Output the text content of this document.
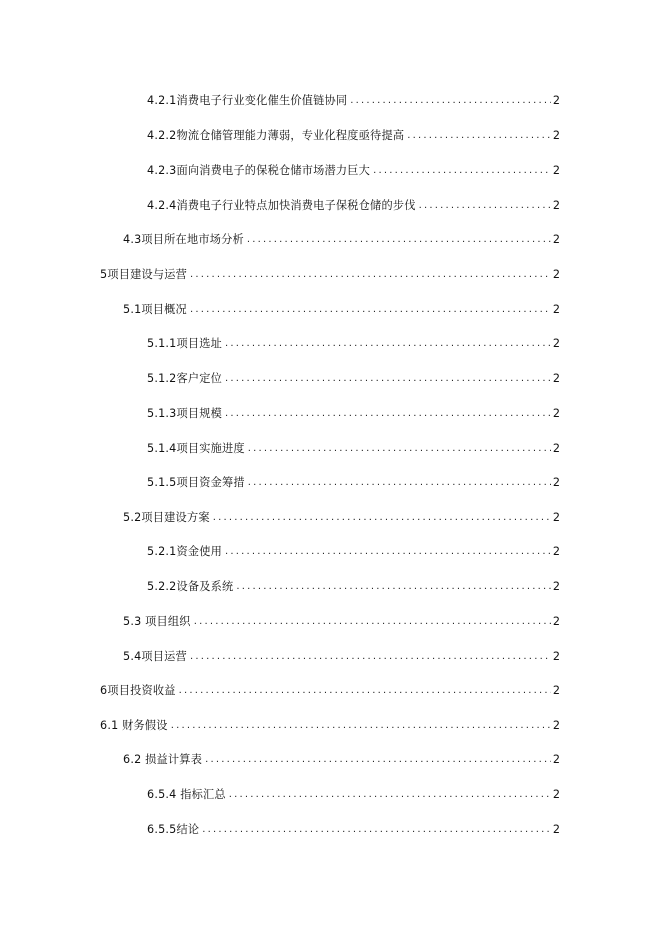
4.2.1消费电子行业变化催生价值链协同 .....	2
4.2.2物流仓储管理能力薄弱，专业化程度亟待提高 .....	2
4.2.3面向消费电子的保税仓储市场潜力巨大 .....	2
4.2.4消费电子行业特点加快消费电子保税仓储的步伐 .....	2
4.3项目所在地市场分析 .....	2
5项目建设与运营 .....	2
5.1项目概况 .....	2
5.1.1项目选址 .....	2
5.1.2客户定位 .....	2
5.1.3项目规模 .....	2
5.1.4项目实施进度 .....	2
5.1.5项目资金筹措 .....	2
5.2项目建设方案 .....	2
5.2.1资金使用 .....	2
5.2.2设备及系统 .....	2
5.3 项目组织 .....	2
5.4项目运营 .....	2
6项目投资收益 .....	2
6.1 财务假设 .....	2
6.2 损益计算表 .....	2
6.5.4 指标汇总 .....	2
6.5.5结论 .....	2
